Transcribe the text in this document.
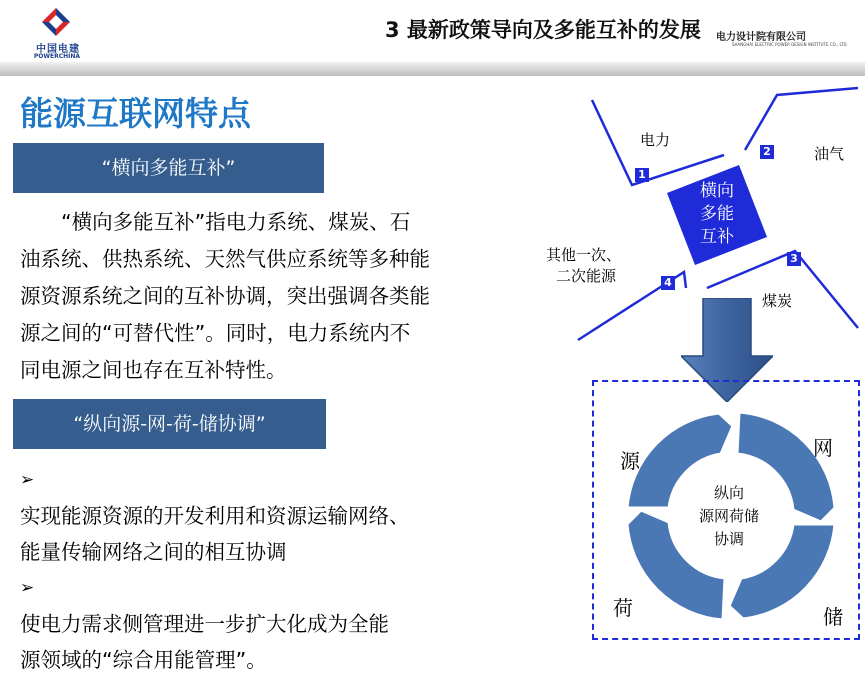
中国电建
POWERCHINA
3 最新政策导向及多能互补的发展 电力设计院有限公司
SHANGHAI ELECTRIC POWER DESIGN INSTITUTE CO., LTD.
能源互联网特点
“横向多能互补”
　　“横向多能互补”指电力系统、煤炭、石
油系统、供热系统、天然气供应系统等多种能
源资源系统之间的互补协调，突出强调各类能
源之间的“可替代性”。同时，电力系统内不
同电源之间也存在互补特性。
“纵向源-网-荷-储协调”
➢
实现能源资源的开发利用和资源运输网络、
能量传输网络之间的相互协调
➢
使电力需求侧管理进一步扩大化成为全能
源领域的“综合用能管理”。
横向
多能
互补
电力
油气
煤炭
其他一次、
二次能源
1
2
3
4
源
网
荷	储
纵向
源网荷储
协调
